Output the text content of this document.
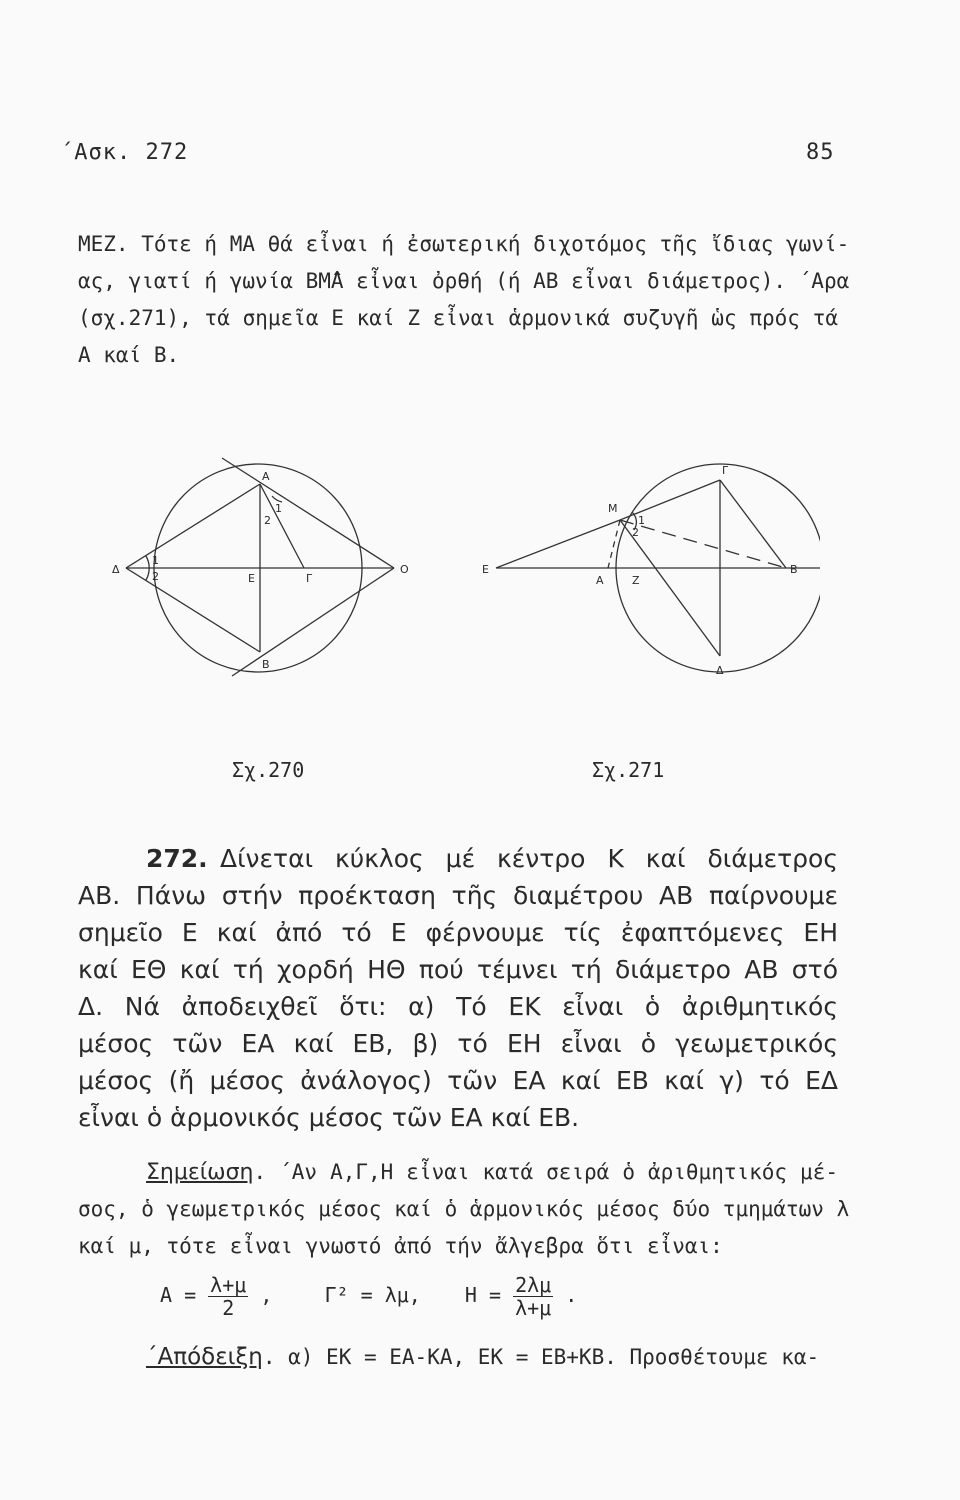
΄Ασκ. 272	85
ΜΕΖ. Τότε ή ΜΑ θά εἶναι ή ἐσωτερική διχοτόμος τῆς ἴδιας γωνί-
ας, γιατί ή γωνία ΒΜ̂Α εἶναι ὀρθή (ή ΑΒ εἶναι διάμετρος). ΄Αρα
(σχ.271), τά σημεῖα Ε καί Ζ εἶναι ἁρμονικά συζυγῆ ὡς πρός τά
Α καί Β.
Α
Β
Δ
Ε	Γ
Ο
1
2
1
2
Ε
Μ
Α	Ζ
Β
Γ
Δ
1
2
Σχ.270	Σχ.271
272. Δίνεται κύκλος μέ κέντρο Κ καί διάμετρος
ΑΒ. Πάνω στήν προέκταση τῆς διαμέτρου ΑΒ παίρνουμε
σημεῖο Ε καί ἀπό τό Ε φέρνουμε τίς ἐφαπτόμενες ΕΗ
καί ΕΘ καί τή χορδή ΗΘ πού τέμνει τή διάμετρο ΑΒ στό
Δ. Νά ἀποδειχθεῖ ὅτι: α) Τό ΕΚ εἶναι ὁ ἀριθμητικός
μέσος τῶν ΕΑ καί ΕΒ, β) τό ΕΗ εἶναι ὁ γεωμετρικός
μέσος (ἤ μέσος ἀνάλογος) τῶν ΕΑ καί ΕΒ καί γ) τό ΕΔ
εἶναι ὁ ἁρμονικός μέσος τῶν ΕΑ καί ΕΒ.
Σημείωση. ΄Αν Α,Γ,Η εἶναι κατά σειρά ὁ ἀριθμητικός μέ-
σος, ὁ γεωμετρικός μέσος καί ὁ ἁρμονικός μέσος δύο τμημάτων λ
καί μ, τότε εἶναι γνωστό ἀπό τήν ἄλγεβρα ὅτι εἶναι:
$A = \frac{\lambda+\mu}{2}$ ,	Γ² = λμ, $H = \frac{2\lambda\mu}{\lambda+\mu}$ .
΄Απόδειξη. α) ΕΚ = ΕΑ-ΚΑ, ΕΚ = ΕΒ+ΚΒ. Προσθέτουμε κα-
